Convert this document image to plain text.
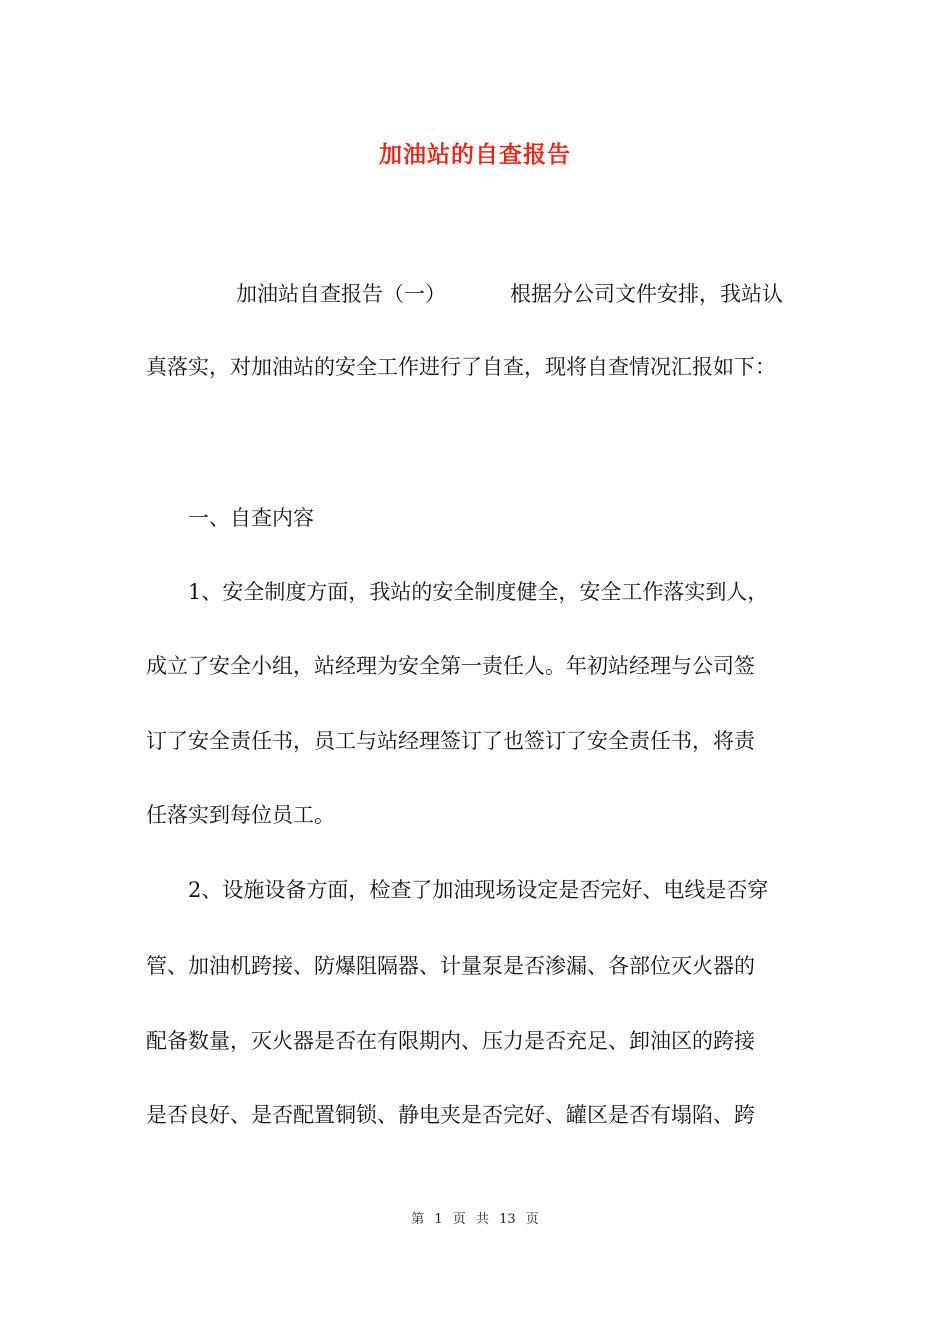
加油站的自查报告
加油站自查报告（一）	根据分公司文件安排，我站认
真落实，对加油站的安全工作进行了自查，现将自查情况汇报如下：
一、自查内容
1、安全制度方面，我站的安全制度健全，安全工作落实到人，
成立了安全小组，站经理为安全第一责任人。年初站经理与公司签
订了安全责任书，员工与站经理签订了也签订了安全责任书，将责
任落实到每位员工。
2、设施设备方面，检查了加油现场设定是否完好、电线是否穿
管、加油机跨接、防爆阻隔器、计量泵是否渗漏、各部位灭火器的
配备数量，灭火器是否在有限期内、压力是否充足、卸油区的跨接
是否良好、是否配置铜锁、静电夹是否完好、罐区是否有塌陷、跨
第 1 页 共 13 页
